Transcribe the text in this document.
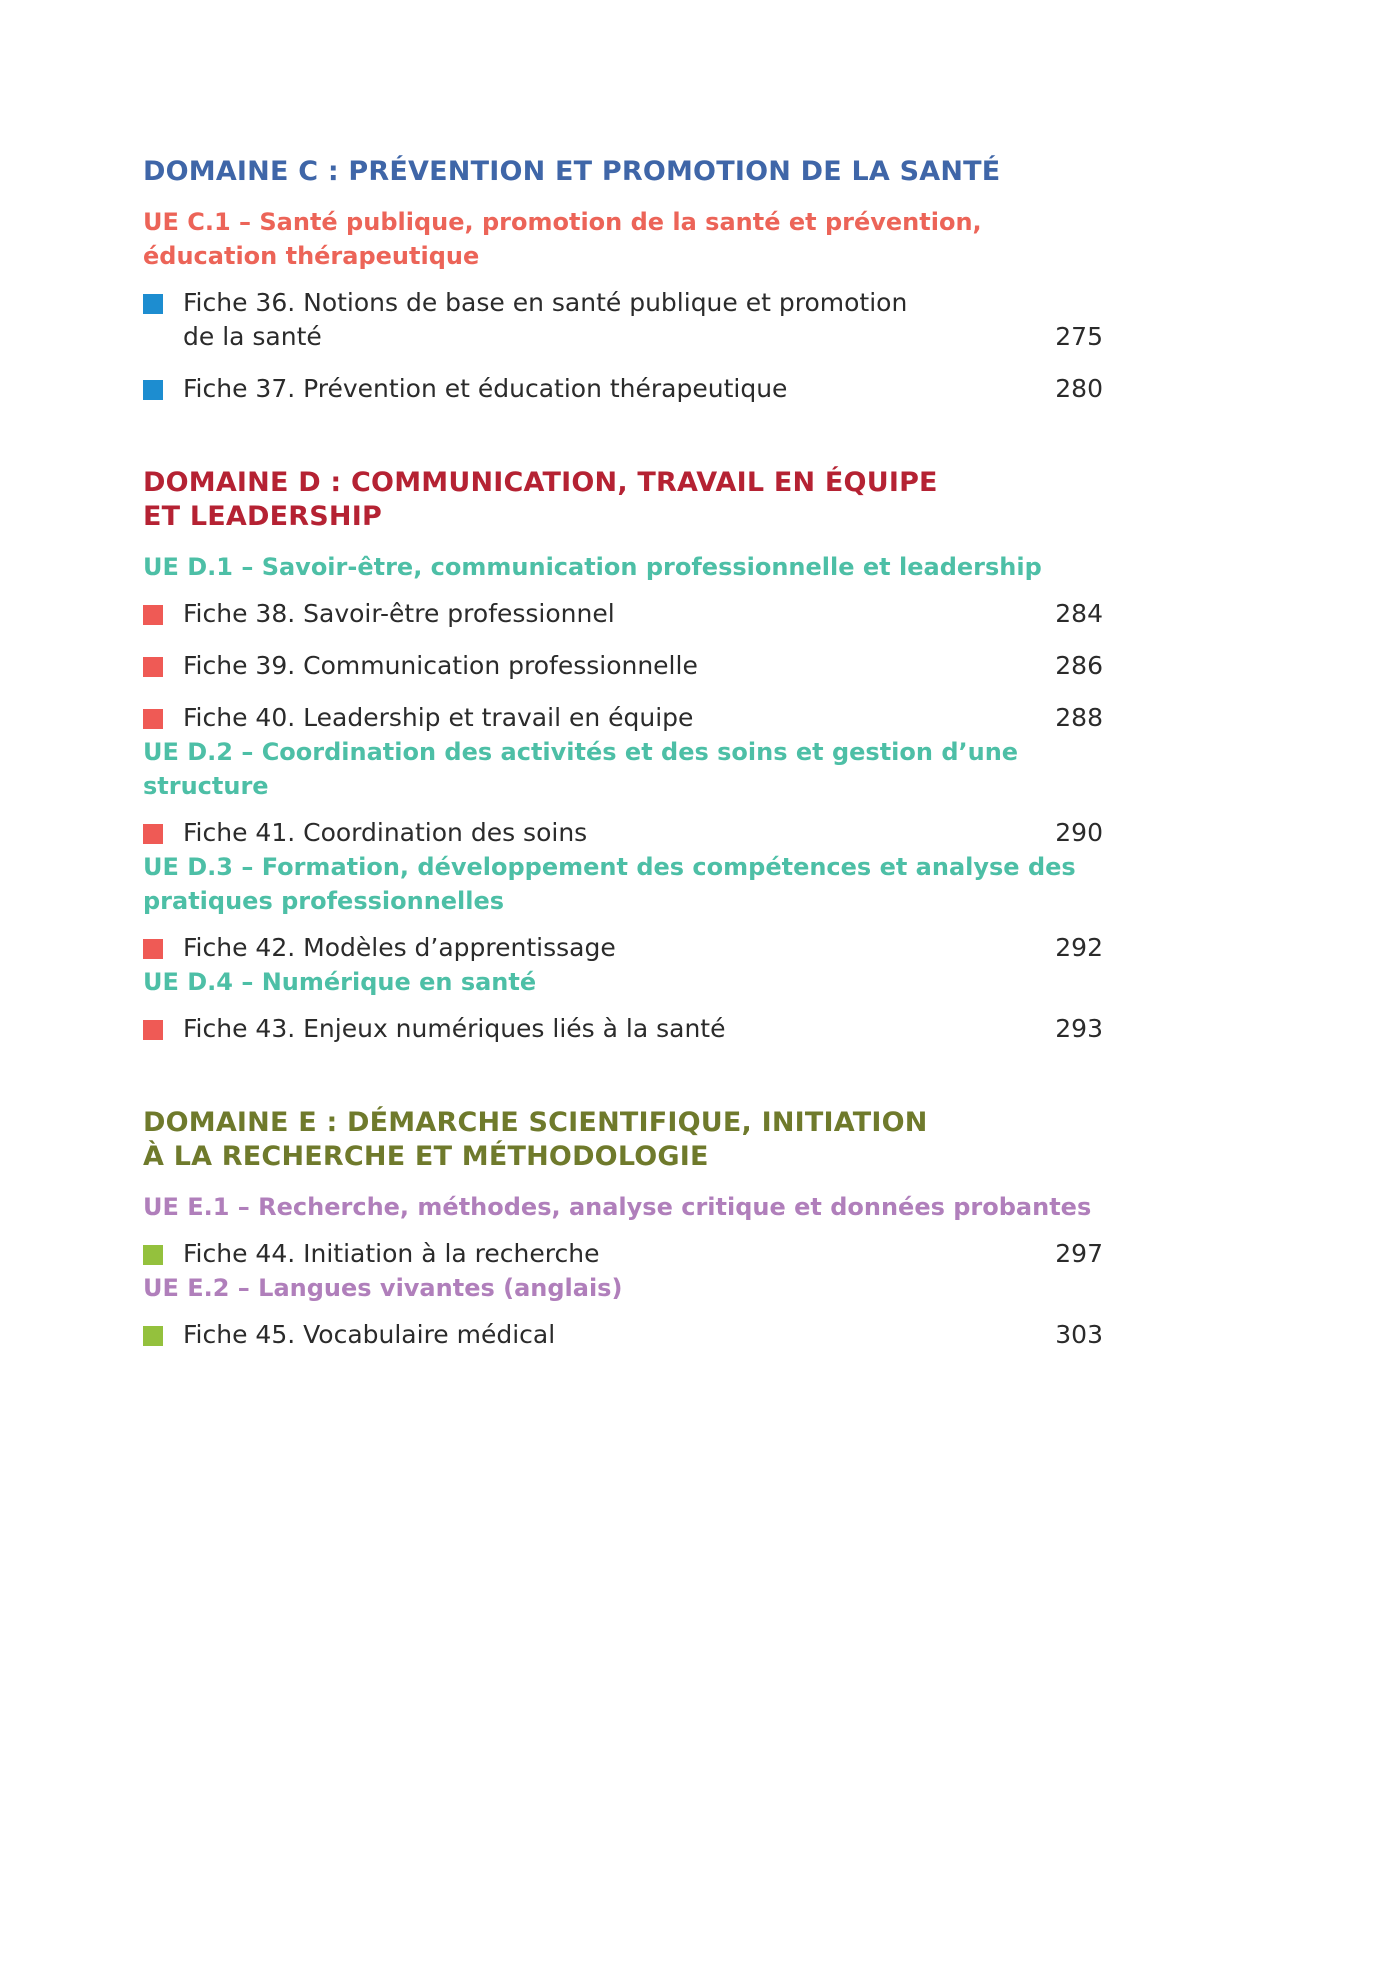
DOMAINE C : PRÉVENTION ET PROMOTION DE LA SANTÉ
UE C.1 – Santé publique, promotion de la santé et prévention, éducation thérapeutique
Fiche 36. Notions de base en santé publique et promotion de la santé	275
Fiche 37. Prévention et éducation thérapeutique	280
DOMAINE D : COMMUNICATION, TRAVAIL EN ÉQUIPE
ET LEADERSHIP
UE D.1 – Savoir-être, communication professionnelle et leadership
Fiche 38. Savoir-être professionnel	284
Fiche 39. Communication professionnelle	286
Fiche 40. Leadership et travail en équipe	288
UE D.2 – Coordination des activités et des soins et gestion d’une structure
Fiche 41. Coordination des soins	290
UE D.3 – Formation, développement des compétences et analyse des pratiques professionnelles
Fiche 42. Modèles d’apprentissage	292
UE D.4 – Numérique en santé
Fiche 43. Enjeux numériques liés à la santé	293
DOMAINE E : DÉMARCHE SCIENTIFIQUE, INITIATION
À LA RECHERCHE ET MÉTHODOLOGIE
UE E.1 – Recherche, méthodes, analyse critique et données probantes
Fiche 44. Initiation à la recherche	297
UE E.2 – Langues vivantes (anglais)
Fiche 45. Vocabulaire médical	303
